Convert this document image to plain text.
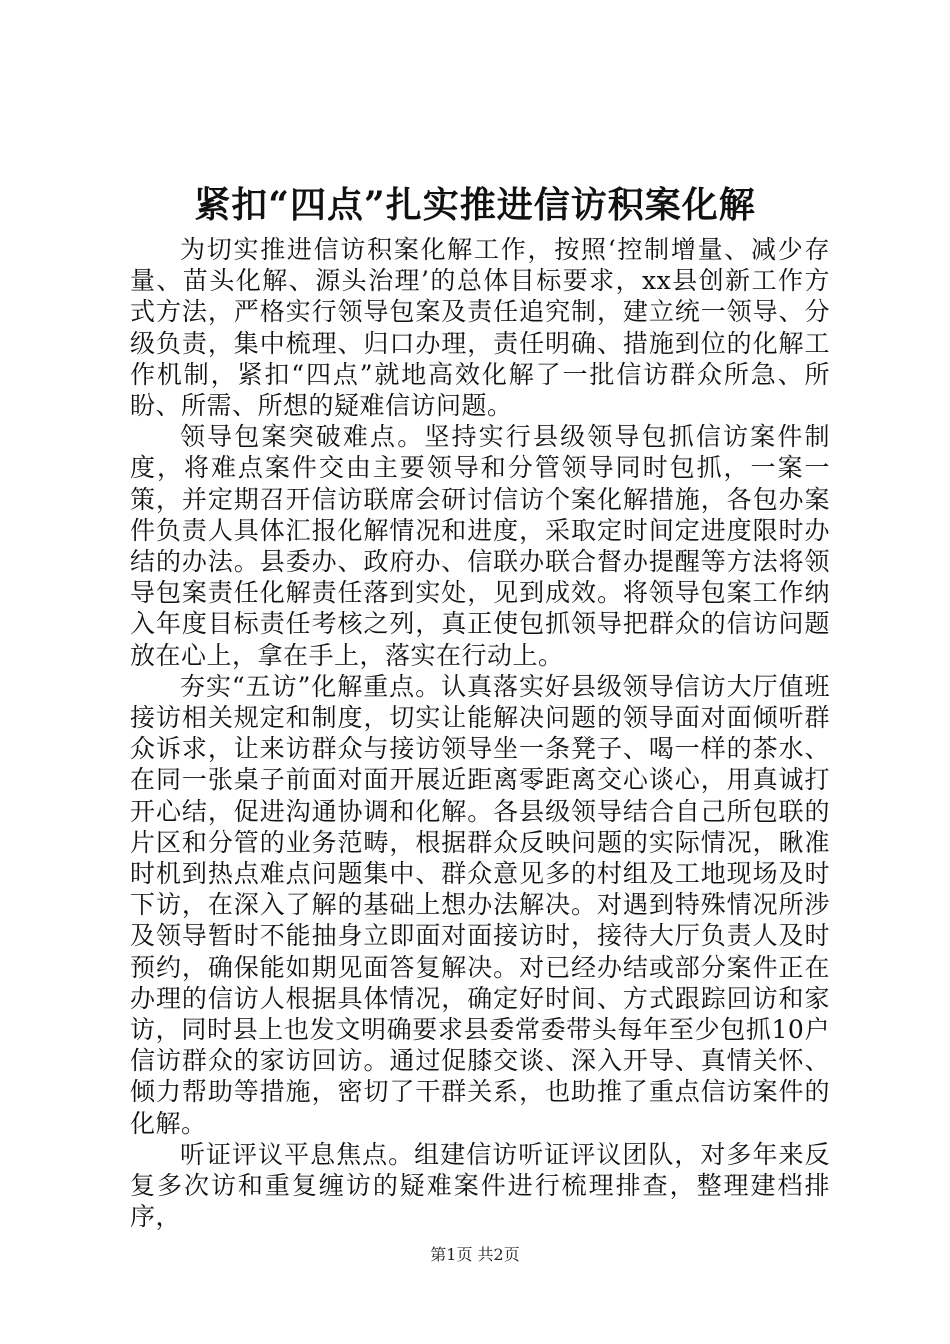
紧扣“四点”扎实推进信访积案化解

为切实推进信访积案化解工作，按照‘控制增量、减少存量、苗头化解、源头治理’的总体目标要求，xx县创新工作方式方法，严格实行领导包案及责任追究制，建立统一领导、分级负责，集中梳理、归口办理，责任明确、措施到位的化解工作机制，紧扣“四点”就地高效化解了一批信访群众所急、所盼、所需、所想的疑难信访问题。

领导包案突破难点。坚持实行县级领导包抓信访案件制度，将难点案件交由主要领导和分管领导同时包抓，一案一策，并定期召开信访联席会研讨信访个案化解措施，各包办案件负责人具体汇报化解情况和进度，采取定时间定进度限时办结的办法。县委办、政府办、信联办联合督办提醒等方法将领导包案责任化解责任落到实处，见到成效。将领导包案工作纳入年度目标责任考核之列，真正使包抓领导把群众的信访问题放在心上，拿在手上，落实在行动上。

夯实“五访”化解重点。认真落实好县级领导信访大厅值班接访相关规定和制度，切实让能解决问题的领导面对面倾听群众诉求，让来访群众与接访领导坐一条凳子、喝一样的茶水、在同一张桌子前面对面开展近距离零距离交心谈心，用真诚打开心结，促进沟通协调和化解。各县级领导结合自己所包联的片区和分管的业务范畴，根据群众反映问题的实际情况，瞅准时机到热点难点问题集中、群众意见多的村组及工地现场及时下访，在深入了解的基础上想办法解决。对遇到特殊情况所涉及领导暂时不能抽身立即面对面接访时，接待大厅负责人及时预约，确保能如期见面答复解决。对已经办结或部分案件正在办理的信访人根据具体情况，确定好时间、方式跟踪回访和家访，同时县上也发文明确要求县委常委带头每年至少包抓10户信访群众的家访回访。通过促膝交谈、深入开导、真情关怀、倾力帮助等措施，密切了干群关系，也助推了重点信访案件的化解。

听证评议平息焦点。组建信访听证评议团队，对多年来反复多次访和重复缠访的疑难案件进行梳理排查，整理建档排序，

第1页 共2页
